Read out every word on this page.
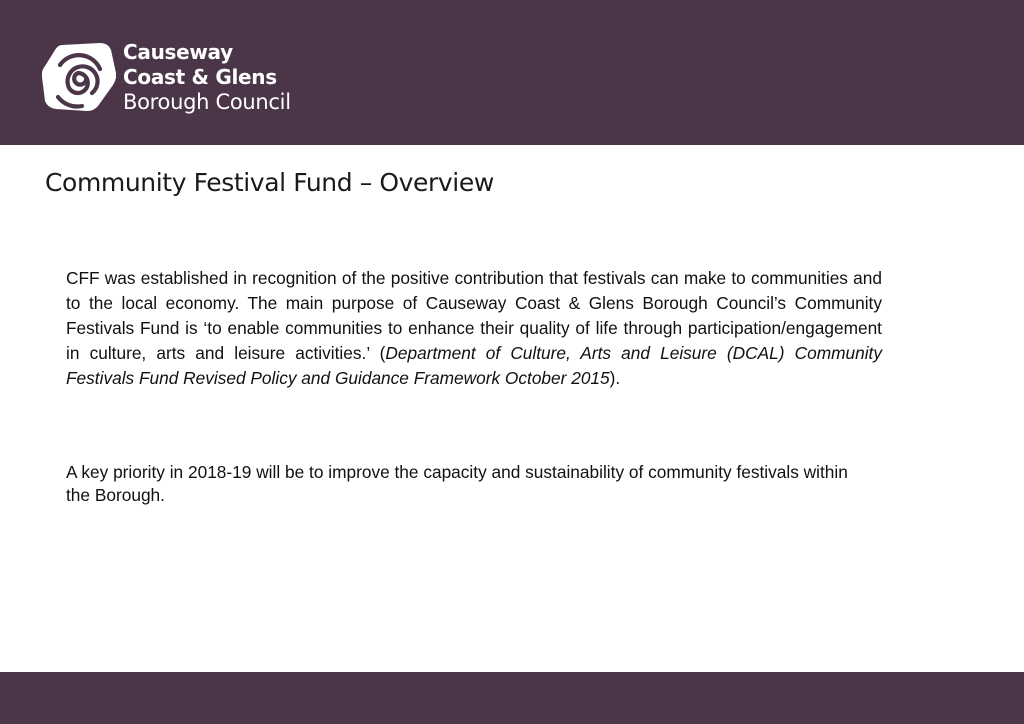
Causeway
Coast & Glens
Borough Council
Community Festival Fund – Overview

CFF was established in recognition of the positive contribution that festivals can make to communities and to the local economy. The main purpose of Causeway Coast & Glens Borough Council’s Community Festivals Fund is ‘to enable communities to enhance their quality of life through participation/engagement in culture, arts and leisure activities.’ (Department of Culture, Arts and Leisure (DCAL) Community Festivals Fund Revised Policy and Guidance Framework October 2015).

A key priority in 2018-19 will be to improve the capacity and sustainability of community festivals within the Borough.
